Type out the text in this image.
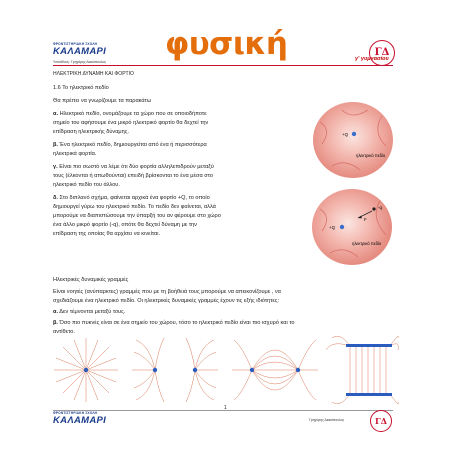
ΦΡΟΝΤΙΣΤΗΡΙΑΚΗ ΣΧΟΛΗ
ΚΑΛΑΜΑΡΙ
Υπεύθ/νος: Γρηγόρης Διακόπουλος φυσική	γ' γυμνασίου
ΓΔ
ΗΛΕΚΤΡΙΚΗ ΔΥΝΑΜΗ ΚΑΙ ΦΟΡΤΙΟ
1.6 Το ηλεκτρικό πεδίο
Θα πρέπει να γνωρίζουμε τα παρακάτω
α. Ηλεκτρικό πεδίο, ονομάζουμε τα χώρο που σε οποιοδήποτε
σημείο του αφήσουμε ένα μικρό ηλεκτρικό φορτίο θα δεχτεί την
επίδραση ηλεκτρικής δύναμης.
β. Ένα ηλεκτρικό πεδίο, δημιουργείται από ένα ή περισσότερα
ηλεκτρικά φορτία.
γ. Είναι πιο σωστό να λέμε ότι δύο φορτία αλληλεπιδρούν μεταξύ
τους (έλκονται ή απωθούνται) επειδή βρίσκονται το ένα μέσα στο
ηλεκτρικό πεδίο του άλλου.
δ. Στο διπλανό σχήμα, φαίνεται αρχικά ένα φορτίο +Q, το οποίο
δημιουργεί γύρω του ηλεκτρικό πεδίο. Το πεδίο δεν φαίνεται, αλλά
μπορούμε να διαπιστώσουμε την ύπαρξή του αν φέρουμε στο χώρο
ένα άλλο μικρό φορτίο (-q), οπότε θα δεχτεί δύναμη με την
επίδραση της οποίας θα αρχίσει να κινείται.
+Q
ηλεκτρικό πεδίο
+Q
-q
F
ηλεκτρικό πεδίο
Ηλεκτρικές δυναμικές γραμμές
Είναι νοητές (ανύπαρκτες) γραμμές που με τη βοήθειά τους μπορούμε να απεικονίζουμε , να
σχεδιάζουμε ένα ηλεκτρικό πεδίο. Οι ηλεκτρικές δυναμικές γραμμές έχουν τις εξής ιδιότητες:
α. Δεν τέμνονται μεταξύ τους.
β. Όσο πιο πυκνές είναι σε ένα σημείο του χώρου, τόσο το ηλεκτρικό πεδίο είναι πιο ισχυρό και το
αντίθετο.
1
ΦΡΟΝΤΙΣΤΗΡΙΑΚΗ ΣΧΟΛΗ
ΚΑΛΑΜΑΡΙ	Γρηγόρης Διακόπουλος	ΓΔ
